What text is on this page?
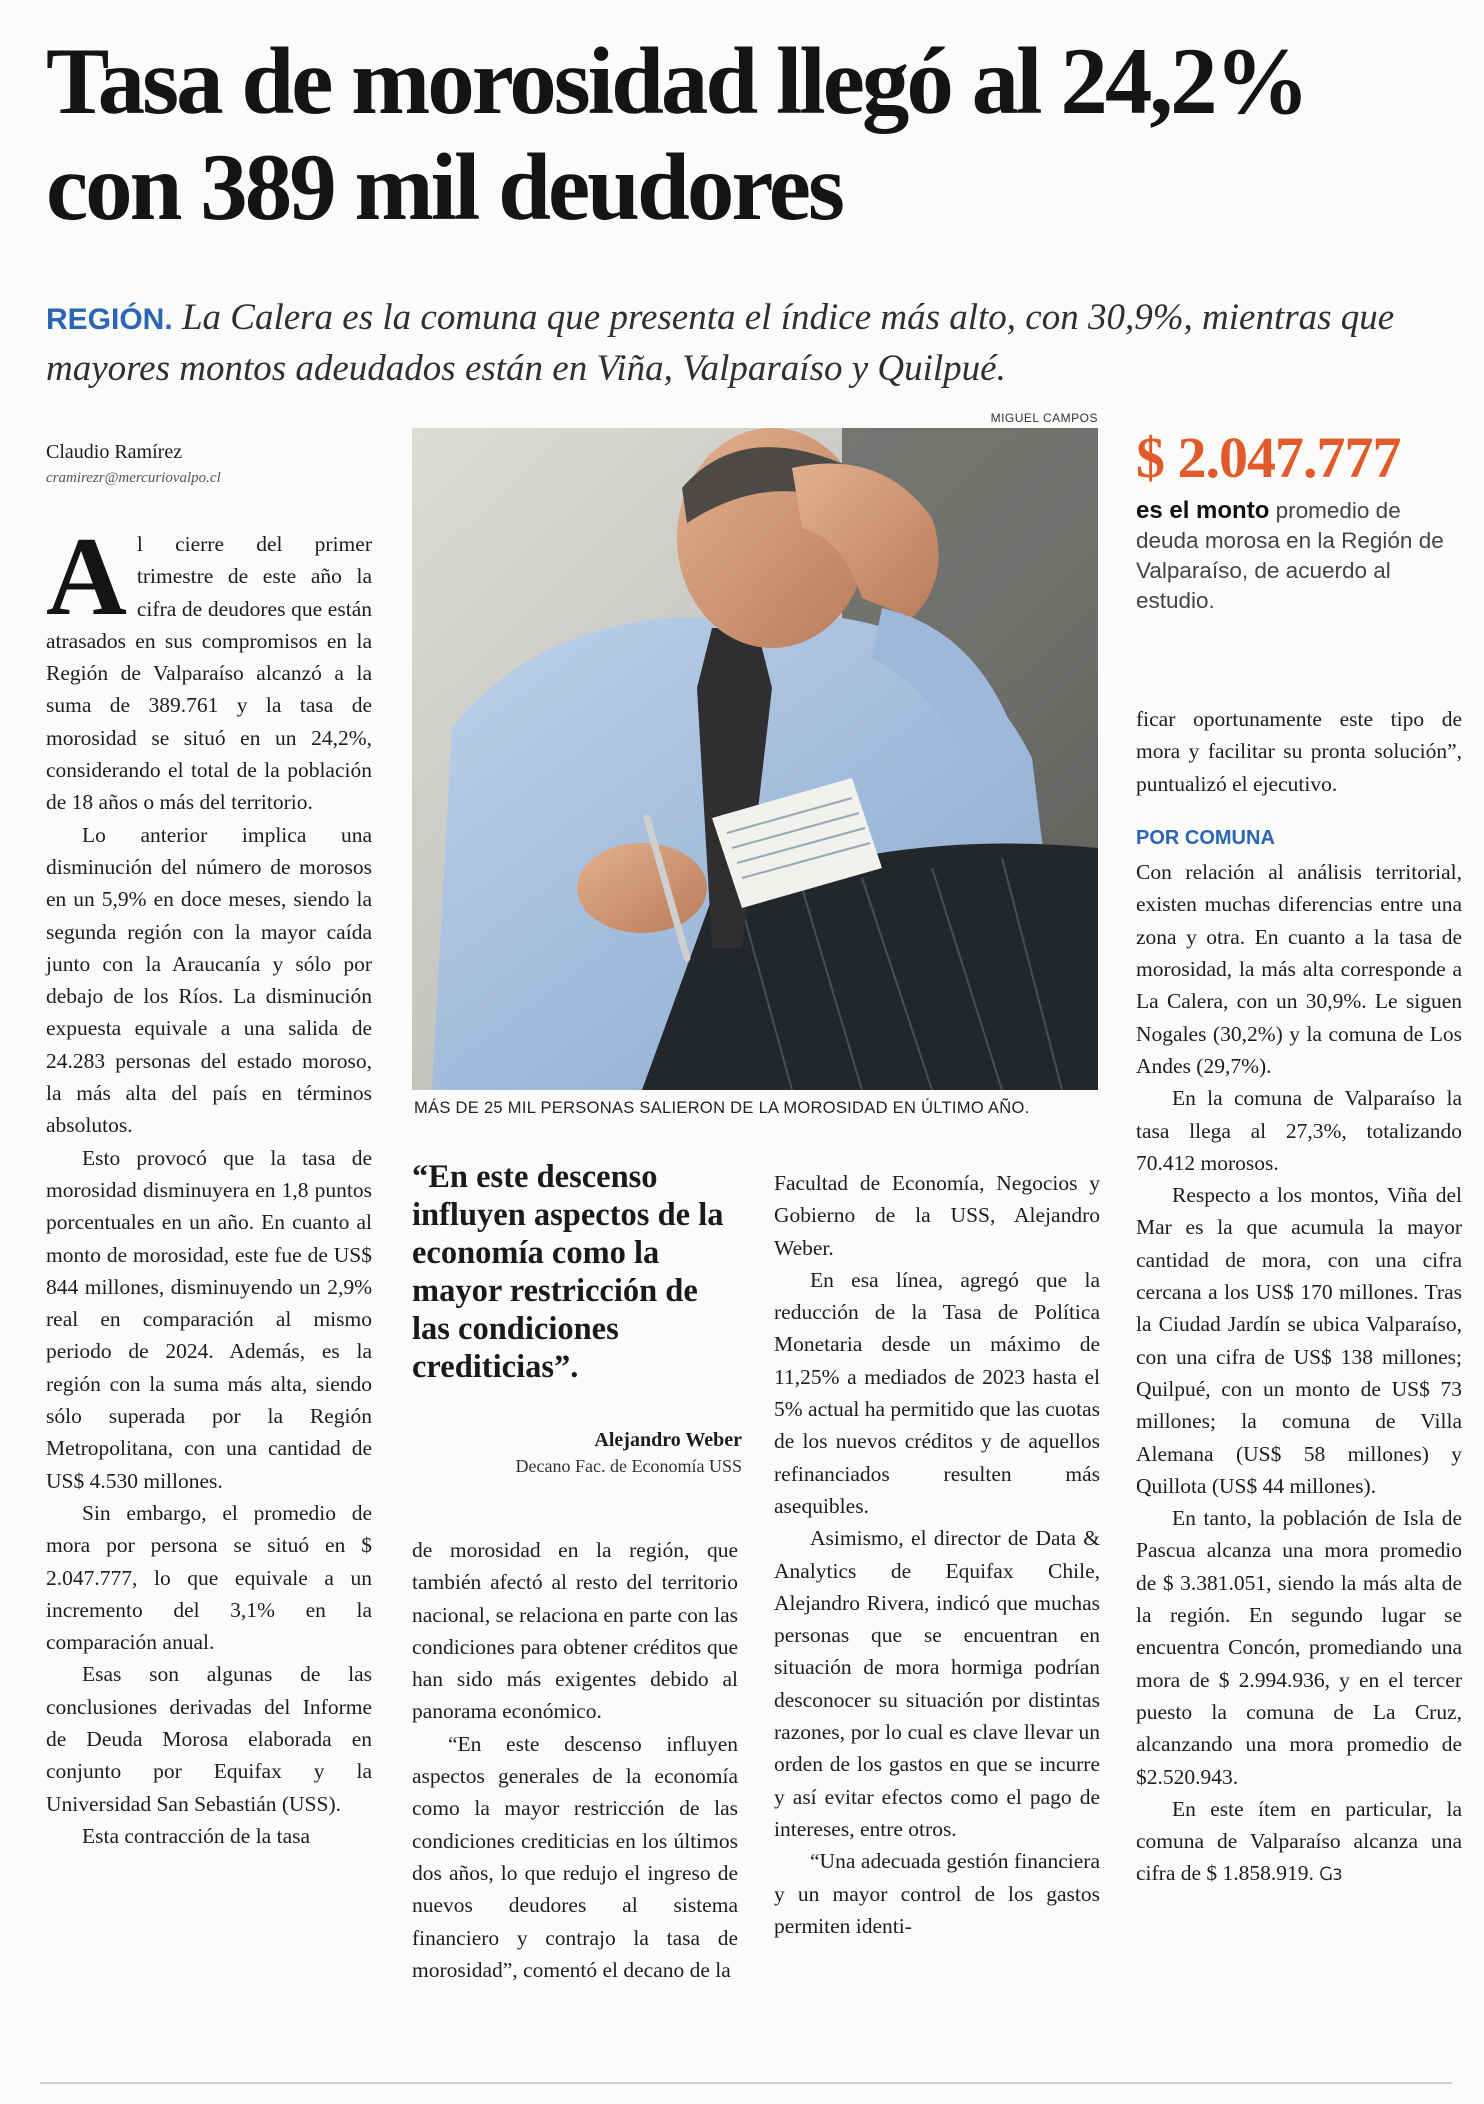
Tasa de morosidad llegó al 24,2% con 389 mil deudores

REGIÓN. La Calera es la comuna que presenta el índice más alto, con 30,9%, mientras que mayores montos adeudados están en Viña, Valparaíso y Quilpué.

Claudio Ramírez
cramirezr@mercuriovalpo.cl

Al cierre del primer trimestre de este año la cifra de deudores que están atrasados en sus compromisos en la Región de Valparaíso alcanzó a la suma de 389.761 y la tasa de morosidad se situó en un 24,2%, considerando el total de la población de 18 años o más del territorio.

Lo anterior implica una disminución del número de morosos en un 5,9% en doce meses, siendo la segunda región con la mayor caída junto con la Araucanía y sólo por debajo de los Ríos. La disminución expuesta equivale a una salida de 24.283 personas del estado moroso, la más alta del país en términos absolutos.

Esto provocó que la tasa de morosidad disminuyera en 1,8 puntos porcentuales en un año. En cuanto al monto de morosidad, este fue de US$ 844 millones, disminuyendo un 2,9% real en comparación al mismo periodo de 2024. Además, es la región con la suma más alta, siendo sólo superada por la Región Metropolitana, con una cantidad de US$ 4.530 millones.

Sin embargo, el promedio de mora por persona se situó en $ 2.047.777, lo que equivale a un incremento del 3,1% en la comparación anual.

Esas son algunas de las conclusiones derivadas del Informe de Deuda Morosa elaborada en conjunto por Equifax y la Universidad San Sebastián (USS).

Esta contracción de la tasa

MIGUEL CAMPOS
MÁS DE 25 MIL PERSONAS SALIERON DE LA MOROSIDAD EN ÚLTIMO AÑO.
$ 2.047.777
es el monto promedio de deuda morosa en la Región de Valparaíso, de acuerdo al estudio.

“En este descenso influyen aspectos de la economía como la mayor restricción de las condiciones crediticias”.

Alejandro Weber
Decano Fac. de Economía USS

de morosidad en la región, que también afectó al resto del territorio nacional, se relaciona en parte con las condiciones para obtener créditos que han sido más exigentes debido al panorama económico.

“En este descenso influyen aspectos generales de la economía como la mayor restricción de las condiciones crediticias en los últimos dos años, lo que redujo el ingreso de nuevos deudores al sistema financiero y contrajo la tasa de morosidad”, comentó el decano de la

Facultad de Economía, Negocios y Gobierno de la USS, Alejandro Weber.

En esa línea, agregó que la reducción de la Tasa de Política Monetaria desde un máximo de 11,25% a mediados de 2023 hasta el 5% actual ha permitido que las cuotas de los nuevos créditos y de aquellos refinanciados resulten más asequibles.

Asimismo, el director de Data & Analytics de Equifax Chile, Alejandro Rivera, indicó que muchas personas que se encuentran en situación de mora hormiga podrían desconocer su situación por distintas razones, por lo cual es clave llevar un orden de los gastos en que se incurre y así evitar efectos como el pago de intereses, entre otros.

“Una adecuada gestión financiera y un mayor control de los gastos permiten identi-

ficar oportunamente este tipo de mora y facilitar su pronta solución”, puntualizó el ejecutivo.

POR COMUNA

Con relación al análisis territorial, existen muchas diferencias entre una zona y otra. En cuanto a la tasa de morosidad, la más alta corresponde a La Calera, con un 30,9%. Le siguen Nogales (30,2%) y la comuna de Los Andes (29,7%).

En la comuna de Valparaíso la tasa llega al 27,3%, totalizando 70.412 morosos.

Respecto a los montos, Viña del Mar es la que acumula la mayor cantidad de mora, con una cifra cercana a los US$ 170 millones. Tras la Ciudad Jardín se ubica Valparaíso, con una cifra de US$ 138 millones; Quilpué, con un monto de US$ 73 millones; la comuna de Villa Alemana (US$ 58 millones) y Quillota (US$ 44 millones).

En tanto, la población de Isla de Pascua alcanza una mora promedio de $ 3.381.051, siendo la más alta de la región. En segundo lugar se encuentra Concón, promediando una mora de $ 2.994.936, y en el tercer puesto la comuna de La Cruz, alcanzando una mora promedio de $2.520.943.

En este ítem en particular, la comuna de Valparaíso alcanza una cifra de $ 1.858.919. Ⴚ3
